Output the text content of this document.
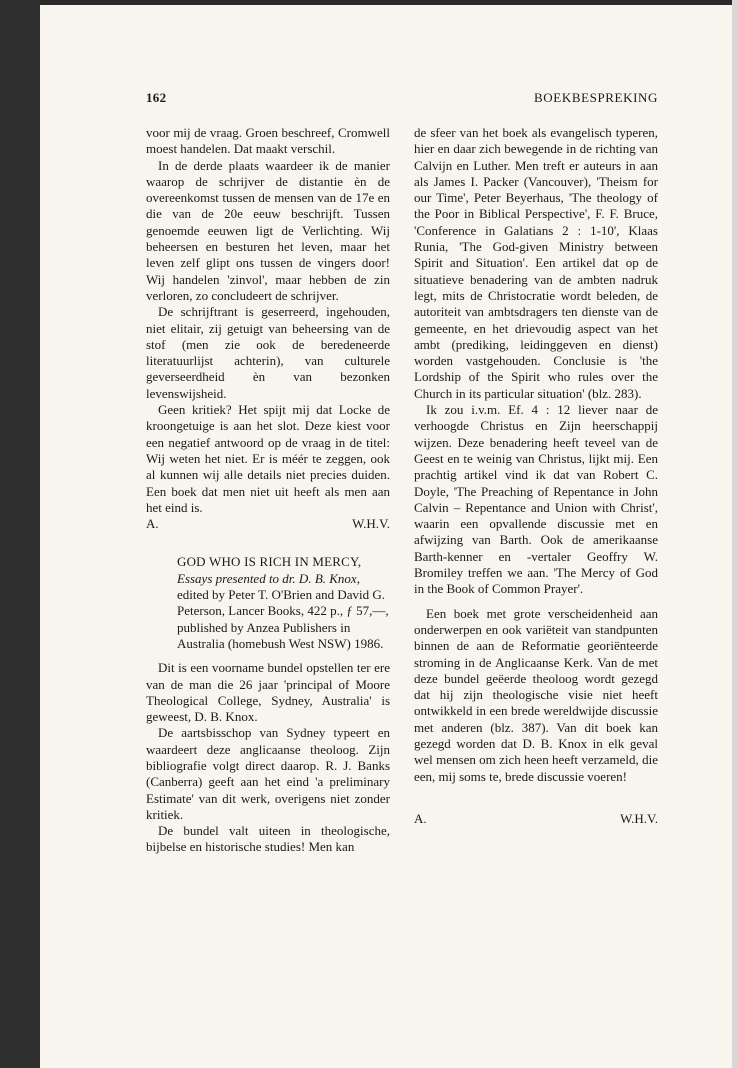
162	BOEKBESPREKING

voor mij de vraag. Groen beschreef, Cromwell moest handelen. Dat maakt verschil.

In de derde plaats waardeer ik de manier waarop de schrijver de distantie èn de overeenkomst tussen de mensen van de 17e en die van de 20e eeuw beschrijft. Tussen genoemde eeuwen ligt de Verlichting. Wij beheersen en besturen het leven, maar het leven zelf glipt ons tussen de vingers door! Wij handelen 'zinvol', maar hebben de zin verloren, zo concludeert de schrijver.

De schrijftrant is geserreerd, ingehouden, niet elitair, zij getuigt van beheersing van de stof (men zie ook de beredeneerde literatuurlijst achterin), van culturele geverseerdheid èn van bezonken levenswijsheid.

Geen kritiek? Het spijt mij dat Locke de kroongetuige is aan het slot. Deze kiest voor een negatief antwoord op de vraag in de titel: Wij weten het niet. Er is méér te zeggen, ook al kunnen wij alle details niet precies duiden. Een boek dat men niet uit heeft als men aan het eind is.

A.	W.H.V.
GOD WHO IS RICH IN MERCY,
Essays presented to dr. D. B. Knox, edited by Peter T. O'Brien and David G. Peterson, Lancer Books, 422 p., ƒ 57,—, published by Anzea Publishers in Australia (homebush West NSW) 1986.

Dit is een voorname bundel opstellen ter ere van de man die 26 jaar 'principal of Moore Theological College, Sydney, Australia' is geweest, D. B. Knox.

De aartsbisschop van Sydney typeert en waardeert deze anglicaanse theoloog. Zijn bibliografie volgt direct daarop. R. J. Banks (Canberra) geeft aan het eind 'a preliminary Estimate' van dit werk, overigens niet zonder kritiek.

De bundel valt uiteen in theologische, bijbelse en historische studies! Men kan

de sfeer van het boek als evangelisch typeren, hier en daar zich bewegende in de richting van Calvijn en Luther. Men treft er auteurs in aan als James I. Packer (Vancouver), 'Theism for our Time', Peter Beyerhaus, 'The theology of the Poor in Biblical Perspective', F. F. Bruce, 'Conference in Galatians 2 : 1-10', Klaas Runia, 'The God-given Ministry between Spirit and Situation'. Een artikel dat op de situatieve benadering van de ambten nadruk legt, mits de Christocratie wordt beleden, de autoriteit van ambtsdragers ten dienste van de gemeente, en het drievoudig aspect van het ambt (prediking, leidinggeven en dienst) worden vastgehouden. Conclusie is 'the Lordship of the Spirit who rules over the Church in its particular situation' (blz. 283).

Ik zou i.v.m. Ef. 4 : 12 liever naar de verhoogde Christus en Zijn heerschappij wijzen. Deze benadering heeft teveel van de Geest en te weinig van Christus, lijkt mij. Een prachtig artikel vind ik dat van Robert C. Doyle, 'The Preaching of Repentance in John Calvin – Repentance and Union with Christ', waarin een opvallende discussie met en afwijzing van Barth. Ook de amerikaanse Barth-kenner en -vertaler Geoffry W. Bromiley treffen we aan. 'The Mercy of God in the Book of Common Prayer'.

Een boek met grote verscheidenheid aan onderwerpen en ook variëteit van standpunten binnen de aan de Reformatie georiënteerde stroming in de Anglicaanse Kerk. Van de met deze bundel geëerde theoloog wordt gezegd dat hij zijn theologische visie niet heeft ontwikkeld in een brede wereldwijde discussie met anderen (blz. 387). Van dit boek kan gezegd worden dat D. B. Knox in elk geval wel mensen om zich heen heeft verzameld, die een, mij soms te, brede discussie voeren!

A.	W.H.V.
